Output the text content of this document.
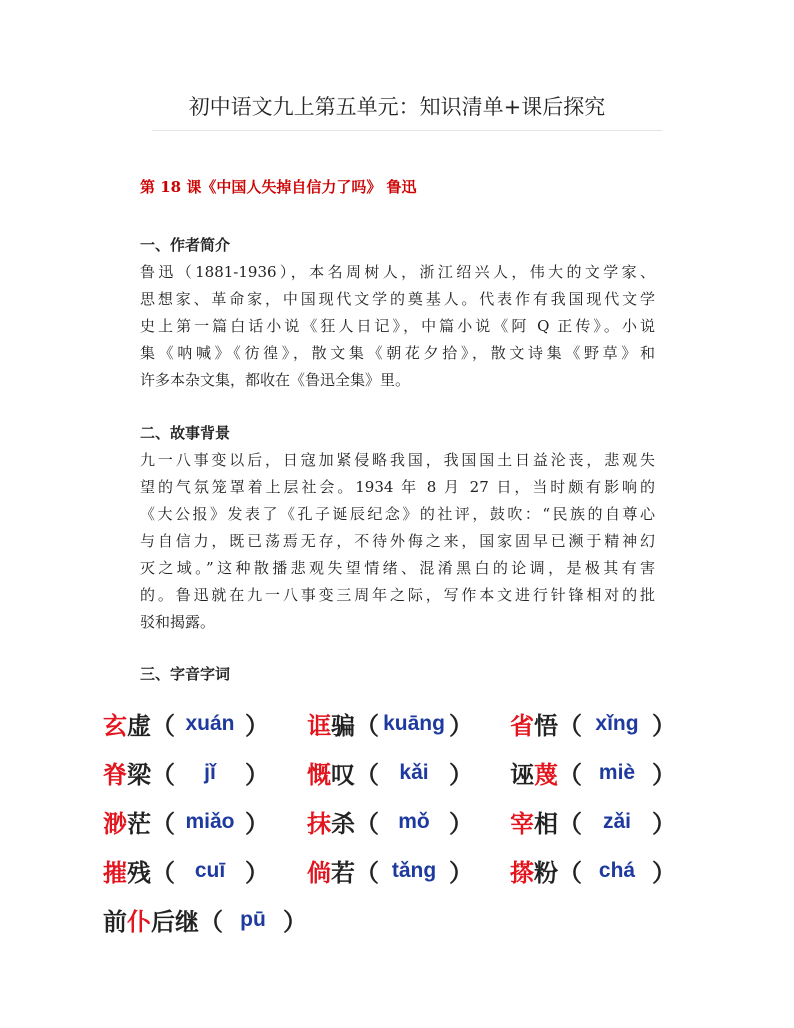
初中语文九上第五单元：知识清单+课后探究
第 18 课《中国人失掉自信力了吗》 鲁迅
一、作者简介
鲁迅（1881-1936），本名周树人，浙江绍兴人，伟大的文学家、
思想家、革命家，中国现代文学的奠基人。代表作有我国现代文学
史上第一篇白话小说《狂人日记》，中篇小说《阿 Q 正传》。小说
集《呐喊》《彷徨》，散文集《朝花夕拾》，散文诗集《野草》和
许多本杂文集，都收在《鲁迅全集》里。
二、故事背景
九一八事变以后，日寇加紧侵略我国，我国国土日益沦丧，悲观失
望的气氛笼罩着上层社会。1934 年 8 月 27 日，当时颇有影响的
《大公报》发表了《孔子诞辰纪念》的社评，鼓吹：“民族的自尊心
与自信力，既已荡焉无存，不待外侮之来，国家固早已濒于精神幻
灭之域。”这种散播悲观失望情绪、混淆黑白的论调，是极其有害
的。鲁迅就在九一八事变三周年之际，写作本文进行针锋相对的批
驳和揭露。
三、字音字词
玄虚 （ xuán ） 诓骗 （ kuāng ） 省悟 （ xǐng ）
脊梁 （	jǐ	） 慨叹 （ kǎi ） 诬蔑 （ miè ）
渺茫 （ miǎo ） 抹杀 （ mǒ ） 宰相 （ zǎi ）
摧残 （ cuī ） 倘若 （ tǎng ） 搽粉 （ chá ）
前仆后继 （ pū ）
